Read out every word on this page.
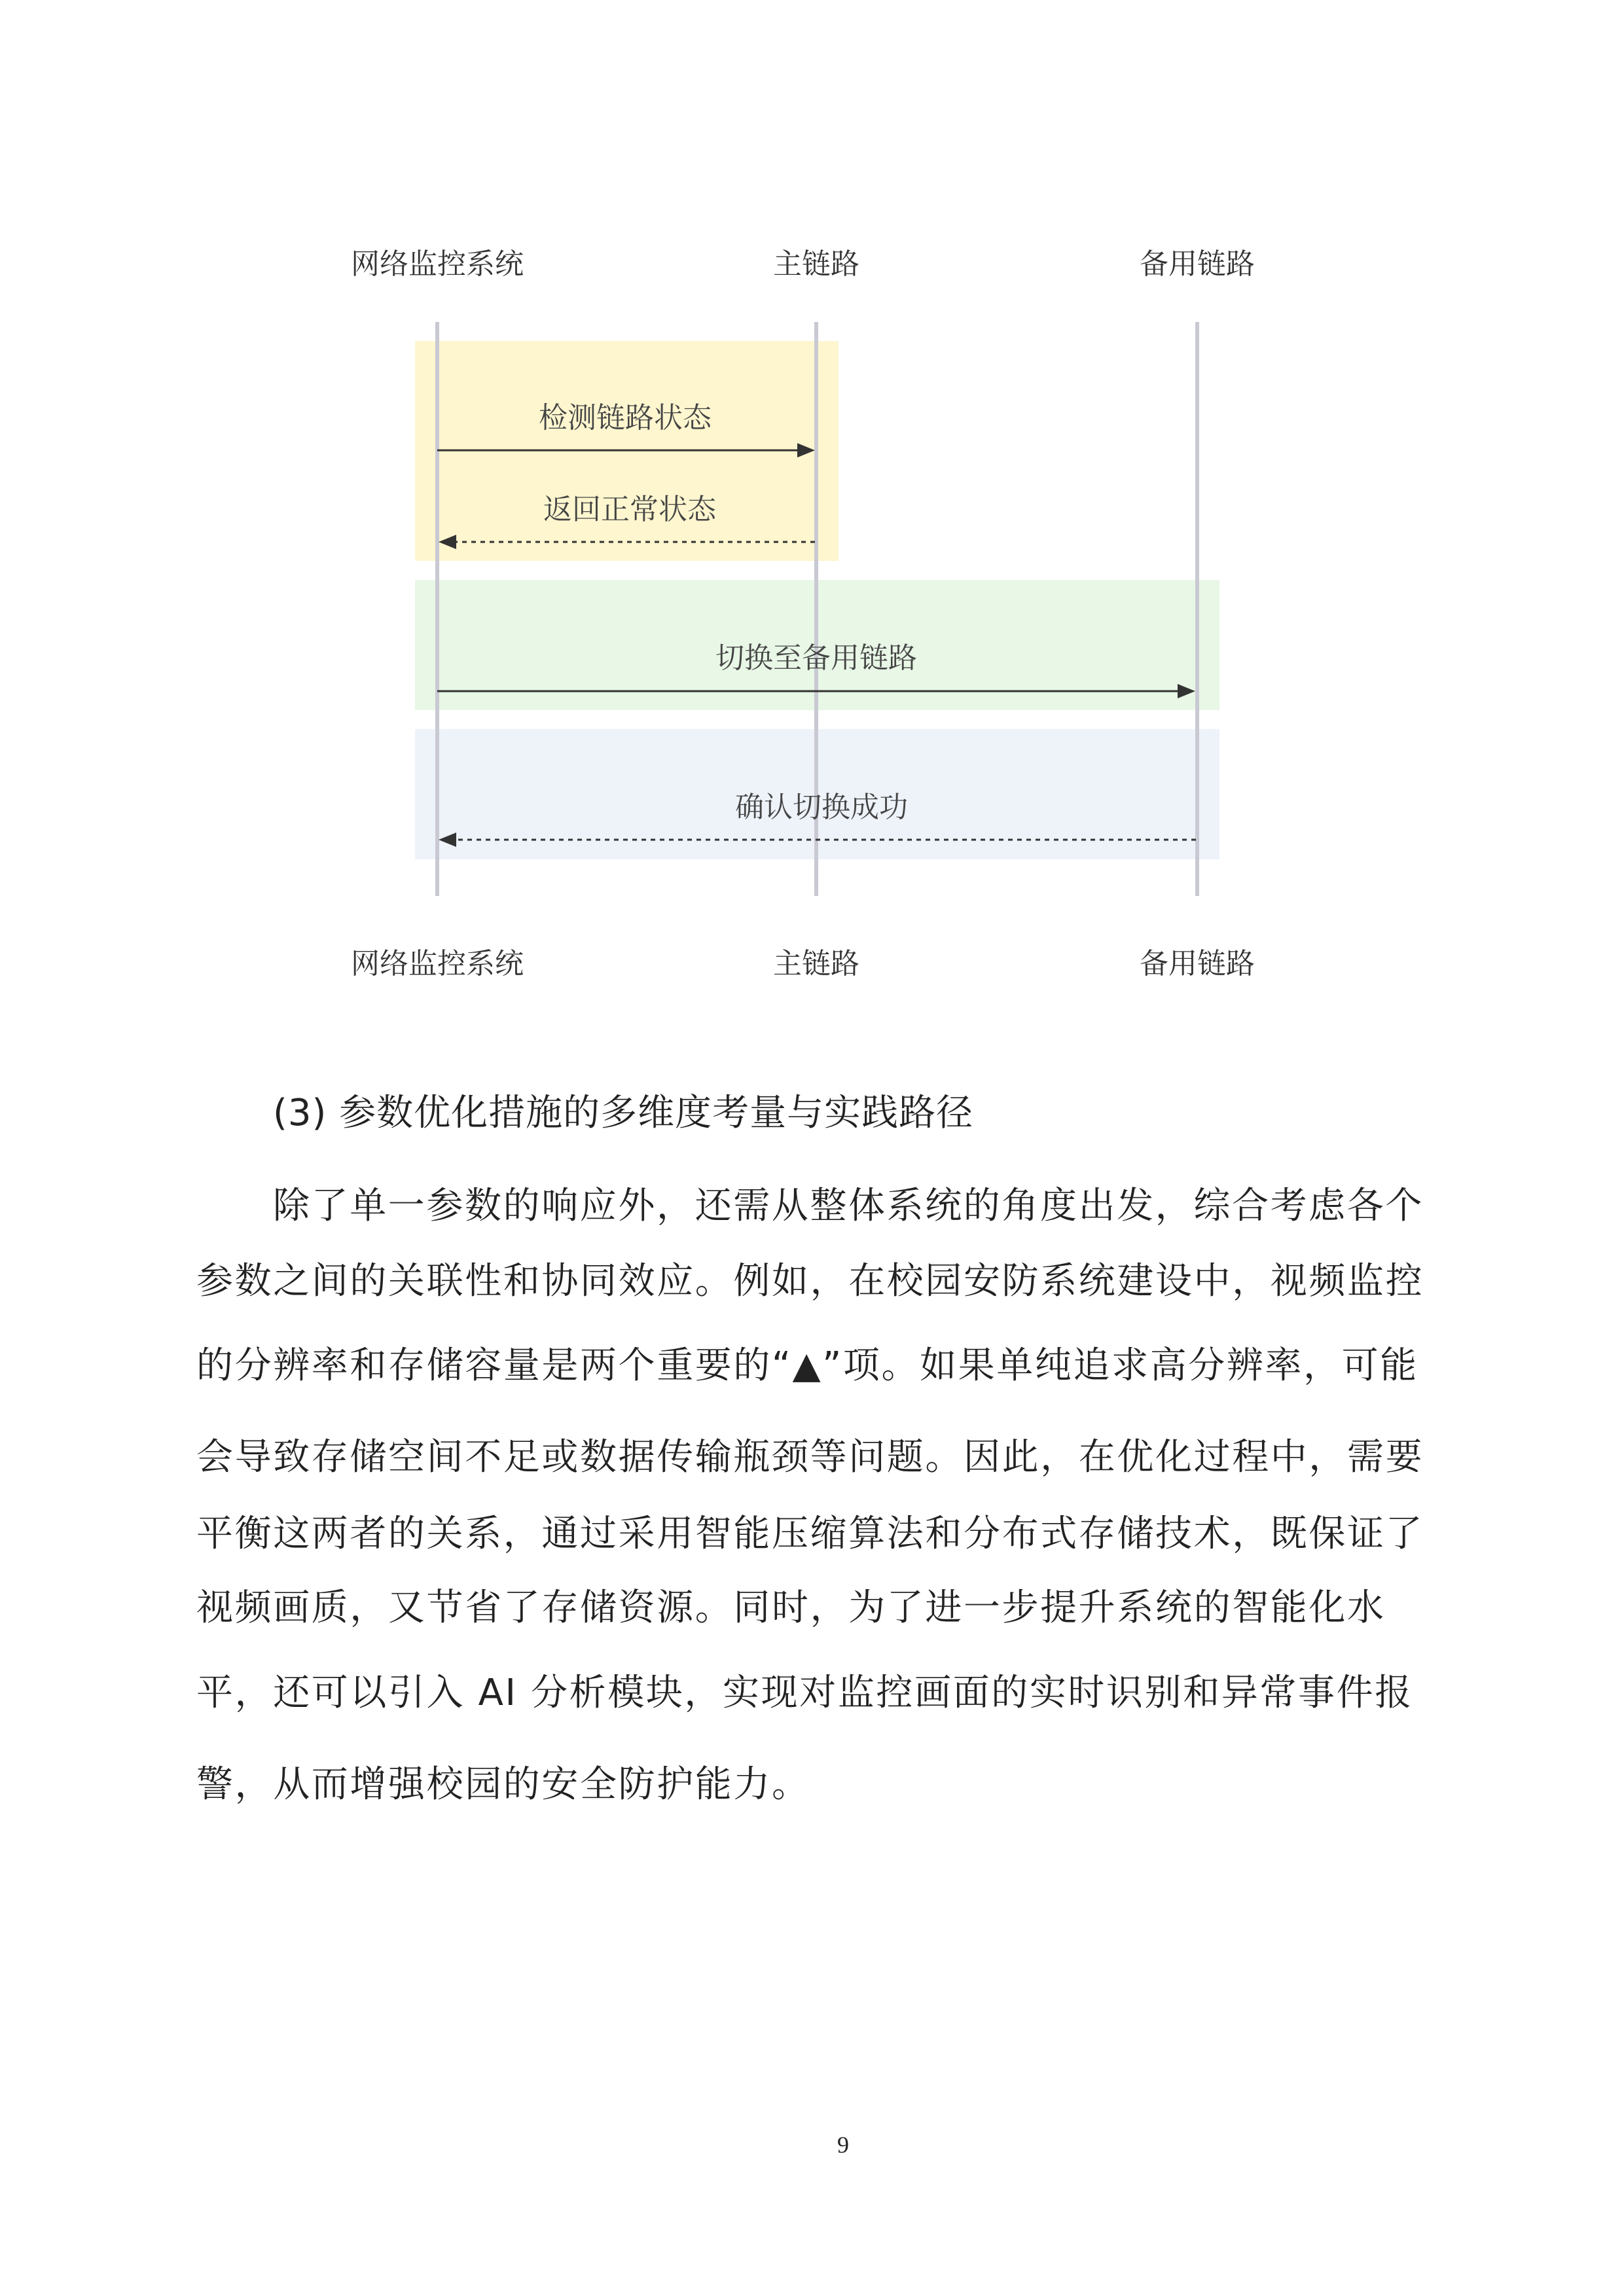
网络监控系统	主链路	备用链路
网络监控系统	主链路	备用链路
检测链路状态
返回正常状态
切换至备用链路
确认切换成功
(3) 参数优化措施的多维度考量与实践路径
除了单一参数的响应外，还需从整体系统的角度出发，综合考虑各个
参数之间的关联性和协同效应。例如，在校园安防系统建设中，视频监控
的分辨率和存储容量是两个重要的“▲”项。如果单纯追求高分辨率，可能
会导致存储空间不足或数据传输瓶颈等问题。因此，在优化过程中，需要
平衡这两者的关系，通过采用智能压缩算法和分布式存储技术，既保证了
视频画质，又节省了存储资源。同时，为了进一步提升系统的智能化水
平，还可以引入 AI 分析模块，实现对监控画面的实时识别和异常事件报
警，从而增强校园的安全防护能力。
9
